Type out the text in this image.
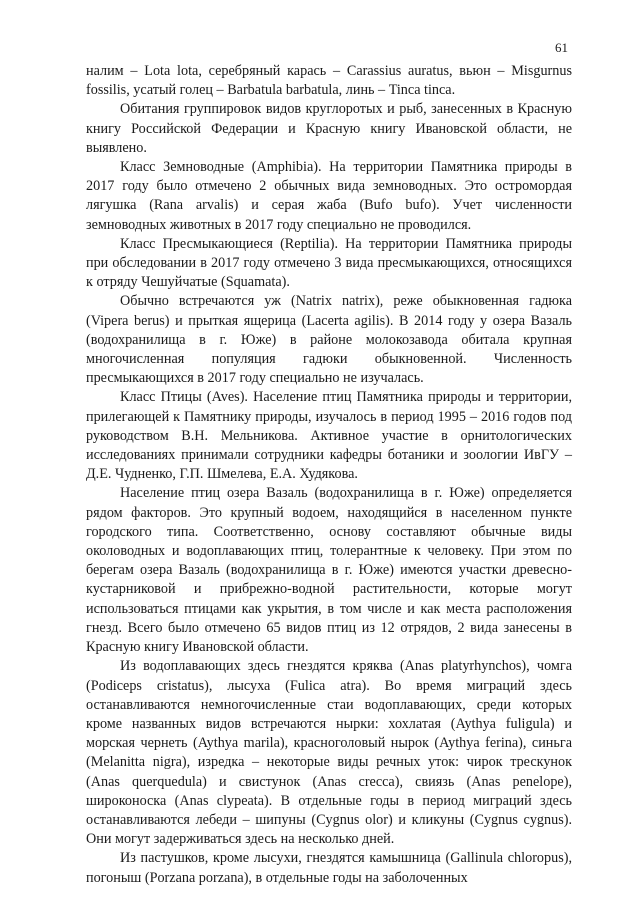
61

налим – Lota lota, серебряный карась – Carassius auratus, вьюн – Misgurnus fossilis, усатый голец – Barbatula barbatula, линь – Tinca tinca.

Обитания группировок видов круглоротых и рыб, занесенных в Красную книгу Российской Федерации и Красную книгу Ивановской области, не выявлено.

Класс Земноводные (Amphibia). На территории Памятника природы в 2017 году было отмечено 2 обычных вида земноводных. Это остромордая лягушка (Rana arvalis) и серая жаба (Bufo bufo). Учет численности земноводных животных в 2017 году специально не проводился.

Класс Пресмыкающиеся (Reptilia). На территории Памятника природы при обследовании в 2017 году отмечено 3 вида пресмыкающихся, относящихся к отряду Чешуйчатые (Squamata).

Обычно встречаются уж (Natrix natrix), реже обыкновенная гадюка (Vipera berus) и прыткая ящерица (Lacerta agilis). В 2014 году у озера Вазаль (водохранилища в г. Юже) в районе молокозавода обитала крупная многочисленная популяция гадюки обыкновенной. Численность пресмыкающихся в 2017 году специально не изучалась.

Класс Птицы (Aves). Население птиц Памятника природы и территории, прилегающей к Памятнику природы, изучалось в период 1995 – 2016 годов под руководством В.Н. Мельникова. Активное участие в орнитологических исследованиях принимали сотрудники кафедры ботаники и зоологии ИвГУ – Д.Е. Чудненко, Г.П. Шмелева, Е.А. Худякова.

Население птиц озера Вазаль (водохранилища в г. Юже) определяется рядом факторов. Это крупный водоем, находящийся в населенном пункте городского типа. Соответственно, основу составляют обычные виды околоводных и водоплавающих птиц, толерантные к человеку. При этом по берегам озера Вазаль (водохранилища в г. Юже) имеются участки древесно-кустарниковой и прибрежно-водной растительности, которые могут использоваться птицами как укрытия, в том числе и как места расположения гнезд. Всего было отмечено 65 видов птиц из 12 отрядов, 2 вида занесены в Красную книгу Ивановской области.

Из водоплавающих здесь гнездятся кряква (Anas platyrhynchos), чомга (Podiceps cristatus), лысуха (Fulica atra). Во время миграций здесь останавливаются немногочисленные стаи водоплавающих, среди которых кроме названных видов встречаются нырки: хохлатая (Aythya fuligula) и морская чернеть (Aythya marila), красноголовый нырок (Aythya ferina), синьга (Melanitta nigra), изредка – некоторые виды речных уток: чирок трескунок (Anas querquedula) и свистунок (Anas crecca), свиязь (Anas penelope), широконоска (Anas clypeata). В отдельные годы в период миграций здесь останавливаются лебеди – шипуны (Cygnus olor) и кликуны (Cygnus cygnus). Они могут задерживаться здесь на несколько дней.

Из пастушков, кроме лысухи, гнездятся камышница (Gallinula chloropus), погоныш (Porzana porzana), в отдельные годы на заболоченных
